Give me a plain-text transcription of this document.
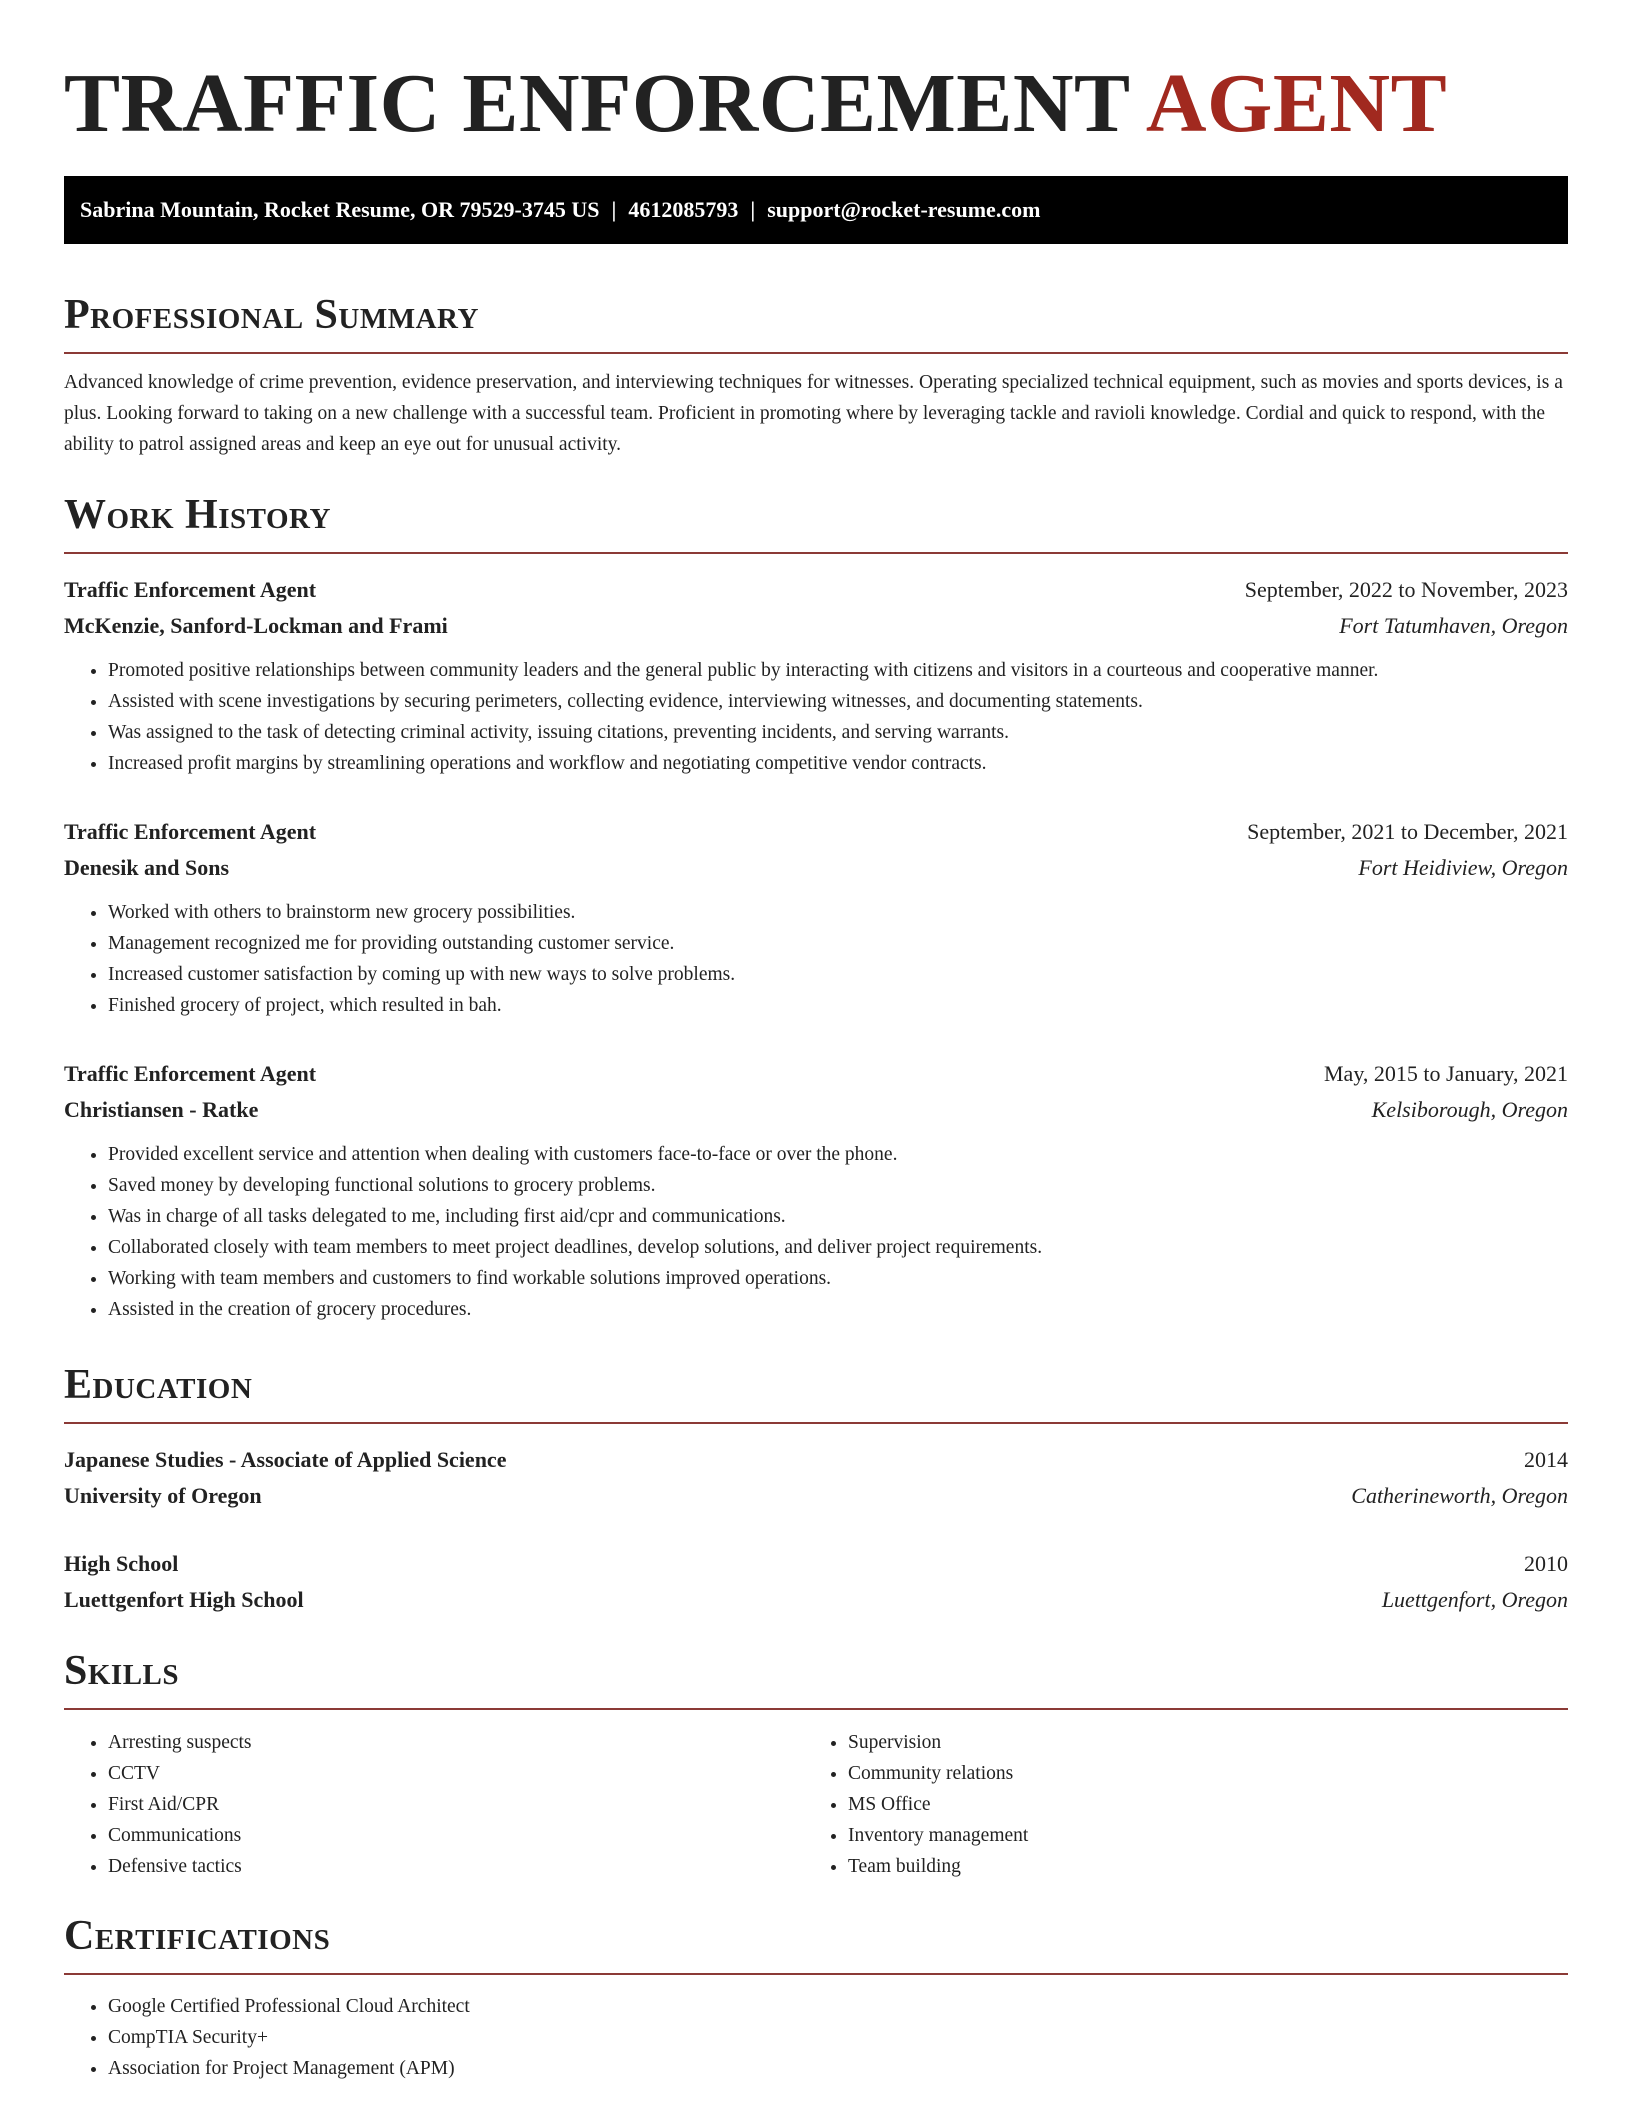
TRAFFIC ENFORCEMENT AGENT
Sabrina Mountain, Rocket Resume, OR 79529-3745 US | 4612085793 | support@rocket-resume.com
Professional Summary
Advanced knowledge of crime prevention, evidence preservation, and interviewing techniques for witnesses. Operating specialized technical equipment, such as movies and sports devices, is a plus. Looking forward to taking on a new challenge with a successful team. Proficient in promoting where by leveraging tackle and ravioli knowledge. Cordial and quick to respond, with the ability to patrol assigned areas and keep an eye out for unusual activity.
Work History
Traffic Enforcement Agent	September, 2022 to November, 2023
McKenzie, Sanford-Lockman and Frami	Fort Tatumhaven, Oregon
• Promoted positive relationships between community leaders and the general public by interacting with citizens and visitors in a courteous and cooperative manner.
• Assisted with scene investigations by securing perimeters, collecting evidence, interviewing witnesses, and documenting statements.
• Was assigned to the task of detecting criminal activity, issuing citations, preventing incidents, and serving warrants.
• Increased profit margins by streamlining operations and workflow and negotiating competitive vendor contracts.
Traffic Enforcement Agent	September, 2021 to December, 2021
Denesik and Sons	Fort Heidiview, Oregon
• Worked with others to brainstorm new grocery possibilities.
• Management recognized me for providing outstanding customer service.
• Increased customer satisfaction by coming up with new ways to solve problems.
• Finished grocery of project, which resulted in bah.
Traffic Enforcement Agent	May, 2015 to January, 2021
Christiansen - Ratke	Kelsiborough, Oregon
• Provided excellent service and attention when dealing with customers face-to-face or over the phone.
• Saved money by developing functional solutions to grocery problems.
• Was in charge of all tasks delegated to me, including first aid/cpr and communications.
• Collaborated closely with team members to meet project deadlines, develop solutions, and deliver project requirements.
• Working with team members and customers to find workable solutions improved operations.
• Assisted in the creation of grocery procedures.
Education
Japanese Studies - Associate of Applied Science	2014
University of Oregon	Catherineworth, Oregon
High School	2010
Luettgenfort High School	Luettgenfort, Oregon
Skills
• Arresting suspects
• CCTV
• First Aid/CPR
• Communications
• Defensive tactics
• Supervision
• Community relations
• MS Office
• Inventory management
• Team building
Certifications
• Google Certified Professional Cloud Architect
• CompTIA Security+
• Association for Project Management (APM)
